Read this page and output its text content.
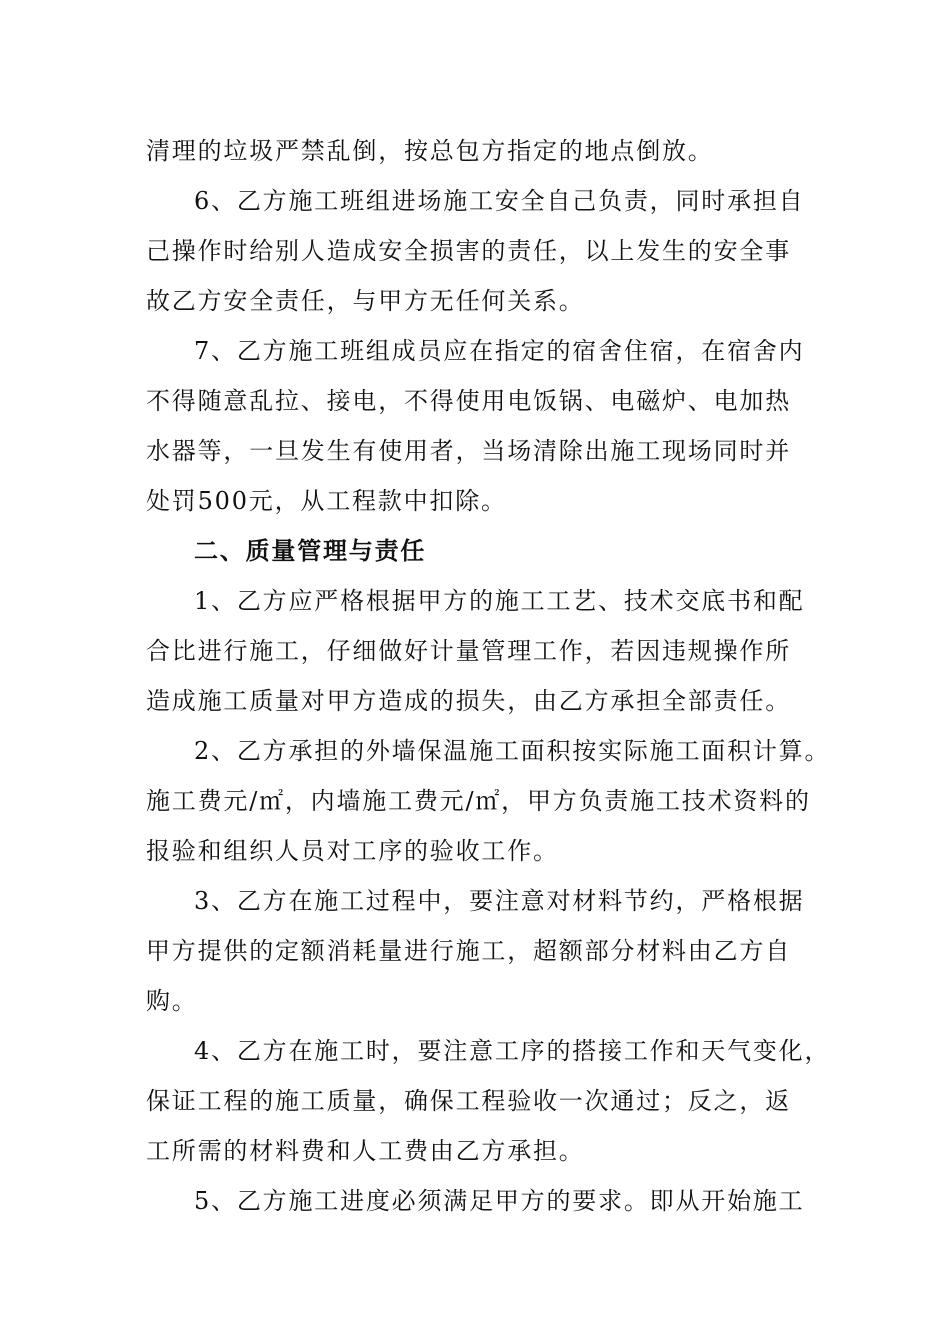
清理的垃圾严禁乱倒，按总包方指定的地点倒放。
6、乙方施工班组进场施工安全自己负责，同时承担自
己操作时给别人造成安全损害的责任，以上发生的安全事
故乙方安全责任，与甲方无任何关系。
7、乙方施工班组成员应在指定的宿舍住宿，在宿舍内
不得随意乱拉、接电，不得使用电饭锅、电磁炉、电加热
水器等，一旦发生有使用者，当场清除出施工现场同时并
处罚500元，从工程款中扣除。
二、质量管理与责任
1、乙方应严格根据甲方的施工工艺、技术交底书和配
合比进行施工，仔细做好计量管理工作，若因违规操作所
造成施工质量对甲方造成的损失，由乙方承担全部责任。
2、乙方承担的外墙保温施工面积按实际施工面积计算。
施工费元/㎡，内墙施工费元/㎡，甲方负责施工技术资料的
报验和组织人员对工序的验收工作。
3、乙方在施工过程中，要注意对材料节约，严格根据
甲方提供的定额消耗量进行施工，超额部分材料由乙方自
购。
4、乙方在施工时，要注意工序的搭接工作和天气变化，
保证工程的施工质量，确保工程验收一次通过；反之，返
工所需的材料费和人工费由乙方承担。
5、乙方施工进度必须满足甲方的要求。即从开始施工
